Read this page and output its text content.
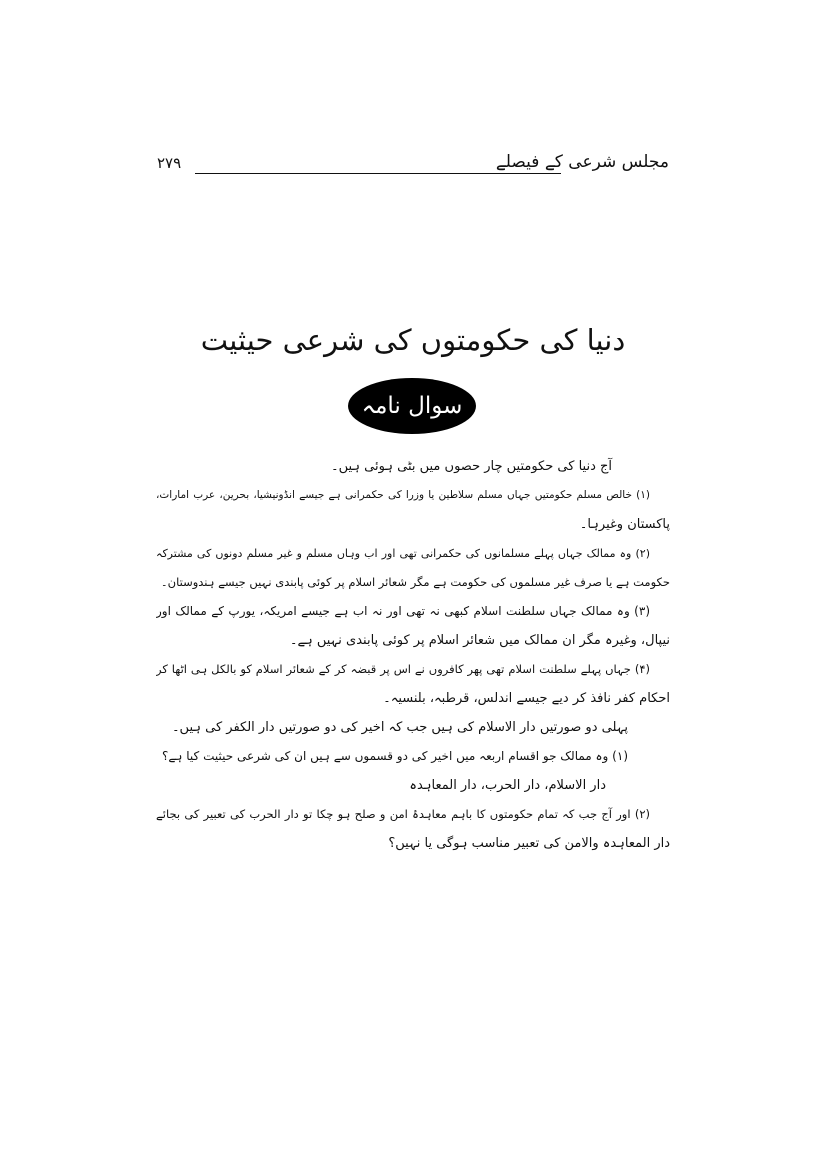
مجلس شرعی کے فیصلے
۲۷۹
دنیا کی حکومتوں کی شرعی حیثیت
سوال نامہ
آج دنیا کی حکومتیں چار حصوں میں بٹی ہوئی ہیں۔
(۱) خالص مسلم حکومتیں جہاں مسلم سلاطین یا وزرا کی حکمرانی ہے جیسے انڈونیشیا، بحرین، عرب امارات،
پاکستان وغیرہا۔
(۲) وہ ممالک جہاں پہلے مسلمانوں کی حکمرانی تھی اور اب وہاں مسلم و غیر مسلم دونوں کی مشترکہ
حکومت ہے یا صرف غیر مسلموں کی حکومت ہے مگر شعائر اسلام پر کوئی پابندی نہیں جیسے ہندوستان۔
(۳) وہ ممالک جہاں سلطنت اسلام کبھی نہ تھی اور نہ اب ہے جیسے امریکہ، یورپ کے ممالک اور
نیپال، وغیرہ مگر ان ممالک میں شعائر اسلام پر کوئی پابندی نہیں ہے۔
(۴) جہاں پہلے سلطنت اسلام تھی پھر کافروں نے اس پر قبضہ کر کے شعائر اسلام کو بالکل ہی اٹھا کر
احکام کفر نافذ کر دیے جیسے اندلس، قرطبہ، بلنسیہ۔
پہلی دو صورتیں دار الاسلام کی ہیں جب کہ اخیر کی دو صورتیں دار الکفر کی ہیں۔
(۱) وہ ممالک جو اقسام اربعہ میں اخیر کی دو قسموں سے ہیں ان کی شرعی حیثیت کیا ہے؟
دار الاسلام، دار الحرب، دار المعاہدہ
(۲) اور آج جب کہ تمام حکومتوں کا باہم معاہدۂ امن و صلح ہو چکا تو دار الحرب کی تعبیر کی بجائے
دار المعاہدہ والامن کی تعبیر مناسب ہوگی یا نہیں؟
